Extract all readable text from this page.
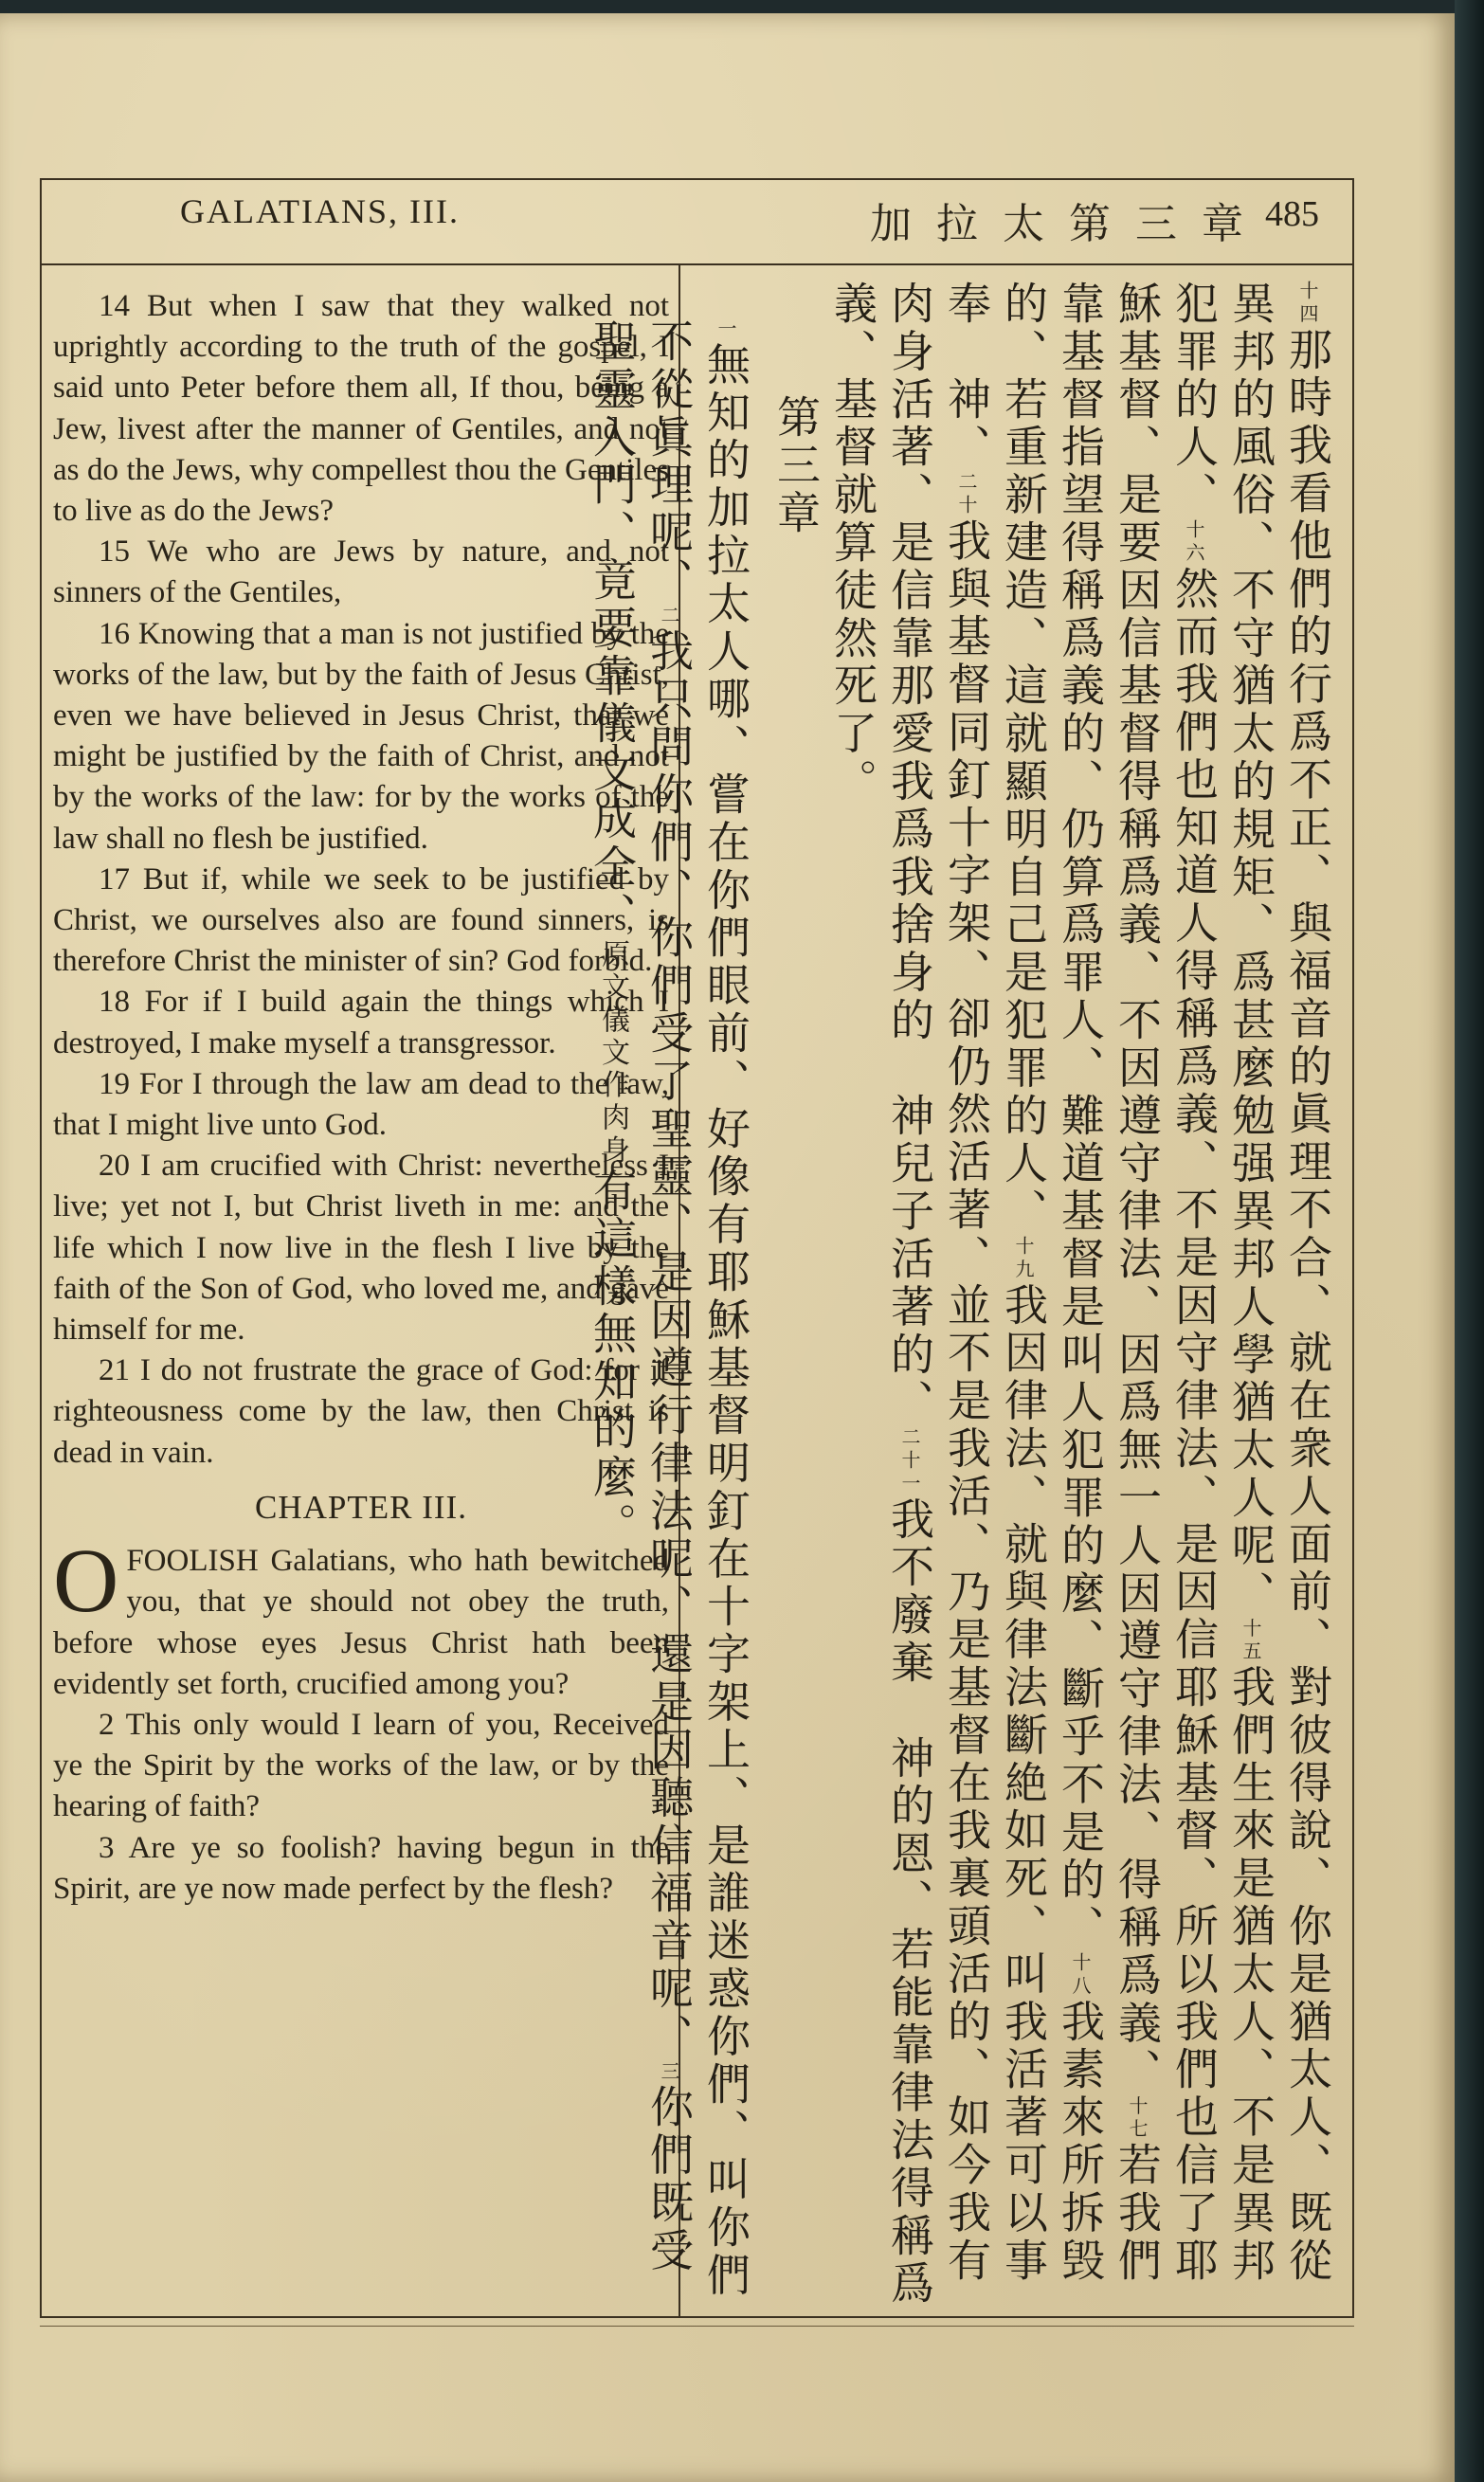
GALATIANS, III.	加拉太第三章
485

14 But when I saw that they walked not uprightly according to the truth of the gospel, I said unto Peter before them all, If thou, being a Jew, livest after the manner of Gentiles, and not as do the Jews, why compellest thou the Gentiles to live as do the Jews?

15 We who are Jews by nature, and not sinners of the Gentiles,

16 Knowing that a man is not justified by the works of the law, but by the faith of Jesus Christ, even we have believed in Jesus Christ, that we might be justified by the faith of Christ, and not by the works of the law: for by the works of the law shall no flesh be justified.

17 But if, while we seek to be justified by Christ, we ourselves also are found sinners, is therefore Christ the minister of sin? God forbid.

18 For if I build again the things which I destroyed, I make myself a transgressor.

19 For I through the law am dead to the law, that I might live unto God.

20 I am crucified with Christ: nevertheless I live; yet not I, but Christ liveth in me: and the life which I now live in the flesh I live by the faith of the Son of God, who loved me, and gave himself for me.

21 I do not frustrate the grace of God: for if righteousness come by the law, then Christ is dead in vain.

CHAPTER III.

OFOOLISH Galatians, who hath bewitched you, that ye should not obey the truth, before whose eyes Jesus Christ hath been evidently set forth, crucified among you?

2 This only would I learn of you, Received ye the Spirit by the works of the law, or by the hearing of faith?

3 Are ye so foolish? having begun in the Spirit, are ye now made perfect by the flesh?

十四那時我看他們的行爲不正、與福音的眞理不合、就在衆人面前、對彼得說、你是猶太人、既從異邦的風俗、不守猶太的規矩、爲甚麼勉强異邦人學猶太人呢、十五我們生來是猶太人、不是異邦犯罪的人、十六然而我們也知道人得稱爲義、不是因守律法、是因信耶穌基督、所以我們也信了耶穌基督、是要因信基督得稱爲義、不因遵守律法、因爲無一人因遵守律法、得稱爲義、十七若我們靠基督指望得稱爲義的、仍算爲罪人、難道基督是叫人犯罪的麼、斷乎不是的、十八我素來所拆毁的、若重新建造、這就顯明自己是犯罪的人、十九我因律法、就與律法斷絶如死、叫我活著可以事奉　神、二十我與基督同釘十字架、卻仍然活著、並不是我活、乃是基督在我裏頭活的、如今我有肉身活著、是信靠那愛我爲我捨身的　神兒子活著的、二十一我不廢棄　神的恩、若能靠律法得稱爲義、基督就算徒然死了。

第三章

一無知的加拉太人哪、嘗在你們眼前、好像有耶穌基督明釘在十字架上、是誰迷惑你們、叫你們不從眞理呢、二我只問你們、你們受了聖靈、是因遵行律法呢、還是因聽信福音呢、三你們既受聖靈入門、竟要靠儀文成全、原文儀文作肉身有這樣無知的麼。
